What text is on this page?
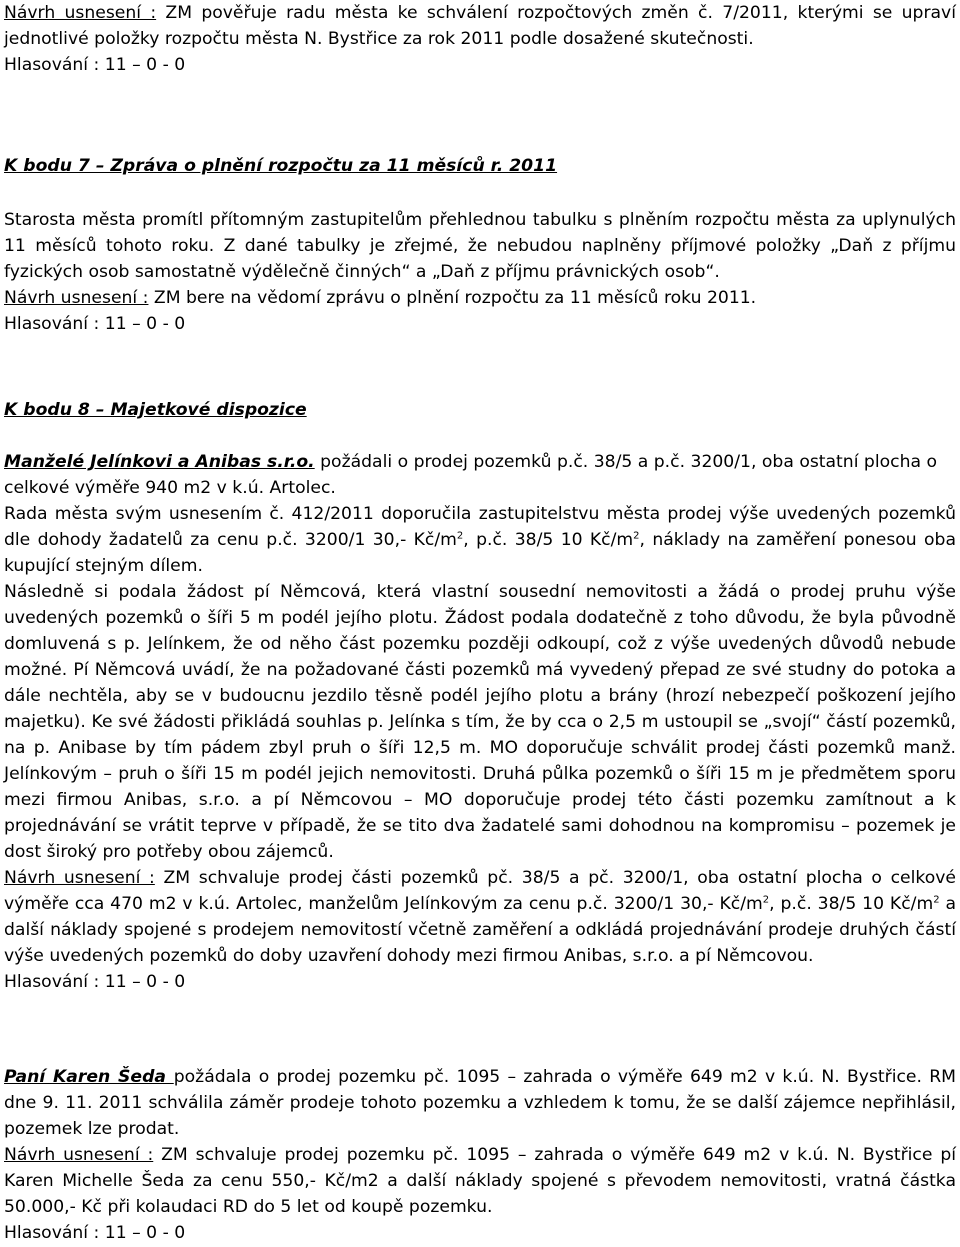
Návrh usnesení : ZM pověřuje radu města ke schválení rozpočtových změn č. 7/2011, kterými se upraví jednotlivé položky rozpočtu města N. Bystřice za rok 2011 podle dosažené skutečnosti.

Hlasování : 11 – 0 - 0

K bodu 7 – Zpráva o plnění rozpočtu za 11 měsíců r. 2011

Starosta města promítl přítomným zastupitelům přehlednou tabulku s plněním rozpočtu města za uplynulých 11 měsíců tohoto roku. Z dané tabulky je zřejmé, že nebudou naplněny příjmové položky „Daň z příjmu fyzických osob samostatně výdělečně činných“ a „Daň z příjmu právnických osob“.

Návrh usnesení : ZM bere na vědomí zprávu o plnění rozpočtu za 11 měsíců roku 2011.

Hlasování : 11 – 0 - 0

K bodu 8 – Majetkové dispozice

Manželé Jelínkovi a Anibas s.r.o. požádali o prodej pozemků p.č. 38/5 a p.č. 3200/1, oba ostatní plocha o celkové výměře 940 m2 v k.ú. Artolec.

Rada města svým usnesením č. 412/2011 doporučila zastupitelstvu města prodej výše uvedených pozemků dle dohody žadatelů za cenu p.č. 3200/1 30,- $Kč/m^2$, p.č. 38/5 10 $Kč/m^2$, náklady na zaměření ponesou oba kupující stejným dílem.

Následně si podala žádost pí Němcová, která vlastní sousední nemovitosti a žádá o prodej pruhu výše uvedených pozemků o šíři 5 m podél jejího plotu. Žádost podala dodatečně z toho důvodu, že byla původně domluvená s p. Jelínkem, že od něho část pozemku později odkoupí, což z výše uvedených důvodů nebude možné. Pí Němcová uvádí, že na požadované části pozemků má vyvedený přepad ze své studny do potoka a dále nechtěla, aby se v budoucnu jezdilo těsně podél jejího plotu a brány (hrozí nebezpečí poškození jejího majetku). Ke své žádosti přikládá souhlas p. Jelínka s tím, že by cca o 2,5 m ustoupil se „svojí“ částí pozemků, na p. Anibase by tím pádem zbyl pruh o šíři 12,5 m. MO doporučuje schválit prodej části pozemků manž. Jelínkovým – pruh o šíři 15 m podél jejich nemovitosti. Druhá půlka pozemků o šíři 15 m je předmětem sporu mezi firmou Anibas, s.r.o. a pí Němcovou – MO doporučuje prodej této části pozemku zamítnout a k projednávání se vrátit teprve v případě, že se tito dva žadatelé sami dohodnou na kompromisu – pozemek je dost široký pro potřeby obou zájemců.

Návrh usnesení : ZM schvaluje prodej části pozemků pč. 38/5 a pč. 3200/1, oba ostatní plocha o celkové výměře cca 470 m2 v k.ú. Artolec, manželům Jelínkovým za cenu p.č. 3200/1 30,- $Kč/m^2$, p.č. 38/5 10 $Kč/m^2$ a další náklady spojené s prodejem nemovitostí včetně zaměření a odkládá projednávání prodeje druhých částí výše uvedených pozemků do doby uzavření dohody mezi firmou Anibas, s.r.o. a pí Němcovou.

Hlasování : 11 – 0 - 0

Paní Karen Šeda požádala o prodej pozemku pč. 1095 – zahrada o výměře 649 m2 v k.ú. N. Bystřice. RM dne 9. 11. 2011 schválila záměr prodeje tohoto pozemku a vzhledem k tomu, že se další zájemce nepřihlásil, pozemek lze prodat.

Návrh usnesení : ZM schvaluje prodej pozemku pč. 1095 – zahrada o výměře 649 m2 v k.ú. N. Bystřice pí Karen Michelle Šeda za cenu 550,- Kč/m2 a další náklady spojené s převodem nemovitosti, vratná částka 50.000,- Kč při kolaudaci RD do 5 let od koupě pozemku.

Hlasování : 11 – 0 - 0
